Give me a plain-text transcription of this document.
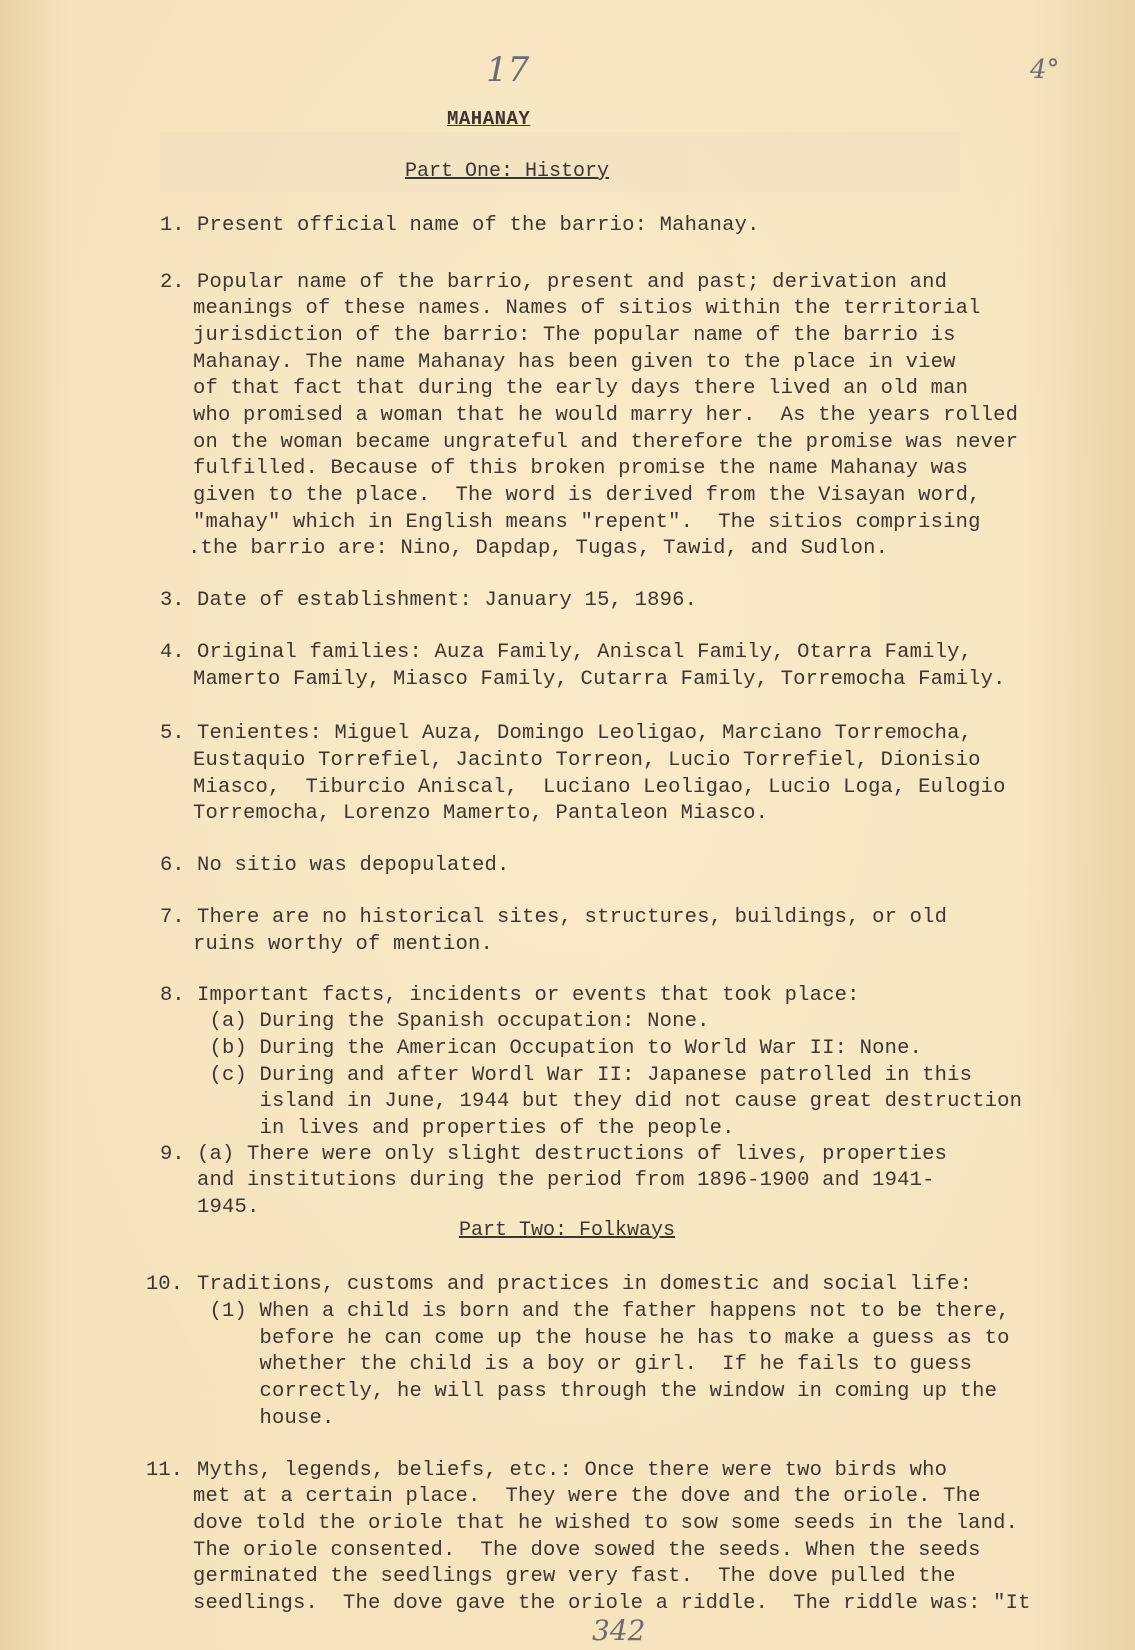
17	4°
MAHANAY
Part One: History
1. Present official name of the barrio: Mahanay.
2. Popular name of the barrio, present and past; derivation and
meanings of these names. Names of sitios within the territorial
jurisdiction of the barrio: The popular name of the barrio is
Mahanay. The name Mahanay has been given to the place in view
of that fact that during the early days there lived an old man
who promised a woman that he would marry her.  As the years rolled
on the woman became ungrateful and therefore the promise was never
fulfilled. Because of this broken promise the name Mahanay was
given to the place.  The word is derived from the Visayan word,
"mahay" which in English means "repent".  The sitios comprising
.the barrio are: Nino, Dapdap, Tugas, Tawid, and Sudlon.
3. Date of establishment: January 15, 1896.
4. Original families: Auza Family, Aniscal Family, Otarra Family,
Mamerto Family, Miasco Family, Cutarra Family, Torremocha Family.
5. Tenientes: Miguel Auza, Domingo Leoligao, Marciano Torremocha,
Eustaquio Torrefiel, Jacinto Torreon, Lucio Torrefiel, Dionisio
Miasco,  Tiburcio Aniscal,  Luciano Leoligao, Lucio Loga, Eulogio
Torremocha, Lorenzo Mamerto, Pantaleon Miasco.
6. No sitio was depopulated.
7. There are no historical sites, structures, buildings, or old
ruins worthy of mention.
8. Important facts, incidents or events that took place:
(a) During the Spanish occupation: None.
(b) During the American Occupation to World War II: None.
(c) During and after Wordl War II: Japanese patrolled in this
island in June, 1944 but they did not cause great destruction
in lives and properties of the people.
9. (a) There were only slight destructions of lives, properties
and institutions during the period from 1896-1900 and 1941-
1945.
Part Two: Folkways
10. Traditions, customs and practices in domestic and social life:
(1) When a child is born and the father happens not to be there,
before he can come up the house he has to make a guess as to
whether the child is a boy or girl.  If he fails to guess
correctly, he will pass through the window in coming up the
house.
11. Myths, legends, beliefs, etc.: Once there were two birds who
met at a certain place.  They were the dove and the oriole. The
dove told the oriole that he wished to sow some seeds in the land.
The oriole consented.  The dove sowed the seeds. When the seeds
germinated the seedlings grew very fast.  The dove pulled the
seedlings.  The dove gave the oriole a riddle.  The riddle was: "It
342
